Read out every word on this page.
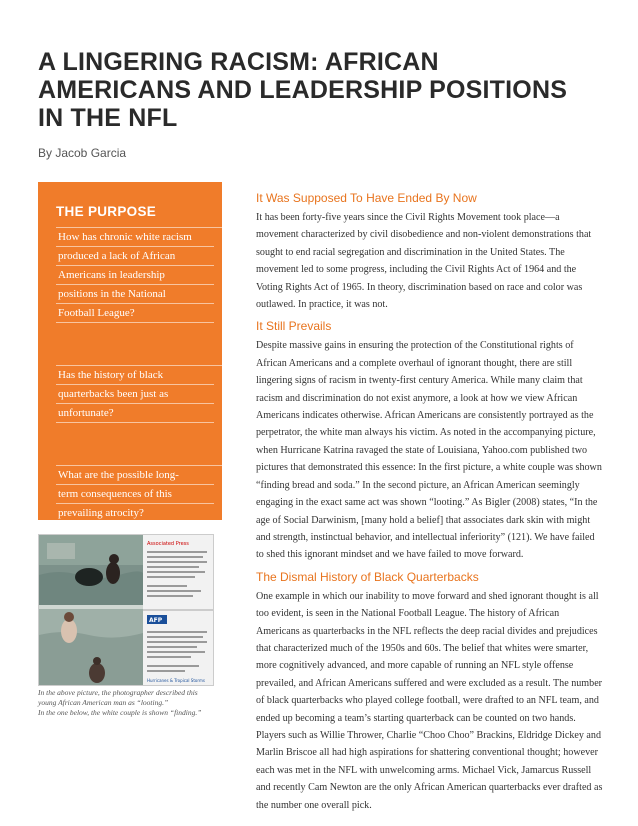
A LINGERING RACISM: AFRICAN AMERICANS AND LEADERSHIP POSITIONS IN THE NFL
By Jacob Garcia
THE PURPOSE
How has chronic white racism
produced a lack of African
Americans in leadership
positions in the National
Football League?
Has the history of black
quarterbacks been just as
unfortunate?
What are the possible long-
term consequences of this
prevailing atrocity?
Associated Press
AFP
Hurricanes & Tropical Storms
In the above picture, the photographer described this
young African American man as “looting.”
In the one below, the white couple is shown “finding.”
It Was Supposed To Have Ended By Now
It has been forty-five years since the Civil Rights Movement took place—a movement characterized by civil disobedience and non-violent demonstrations that sought to end racial segregation and discrimination in the United States. The movement led to some progress, including the Civil Rights Act of 1964 and the Voting Rights Act of 1965. In theory, discrimination based on race and color was outlawed. In practice, it was not.
It Still Prevails
Despite massive gains in ensuring the protection of the Constitutional rights of African Americans and a complete overhaul of ignorant thought, there are still lingering signs of racism in twenty-first century America. While many claim that racism and discrimination do not exist anymore, a look at how we view African Americans indicates otherwise. African Americans are consistently portrayed as the perpetrator, the white man always his victim. As noted in the accompanying picture, when Hurricane Katrina ravaged the state of Louisiana, Yahoo.com published two pictures that demonstrated this essence: In the first picture, a white couple was shown “finding bread and soda.” In the second picture, an African American seemingly engaging in the exact same act was shown “looting.” As Bigler (2008) states, “In the age of Social Darwinism, [many hold a belief] that associates dark skin with might and strength, instinctual behavior, and intellectual inferiority” (121). We have failed to shed this ignorant mindset and we have failed to move forward.
The Dismal History of Black Quarterbacks
One example in which our inability to move forward and shed ignorant thought is all too evident, is seen in the National Football League. The history of African Americans as quarterbacks in the NFL reflects the deep racial divides and prejudices that characterized much of the 1950s and 60s. The belief that whites were smarter, more cognitively advanced, and more capable of running an NFL style offense prevailed, and African Americans suffered and were excluded as a result. The number of black quarterbacks who played college football, were drafted to an NFL team, and ended up becoming a team’s starting quarterback can be counted on two hands. Players such as Willie Thrower, Charlie “Choo Choo” Brackins, Eldridge Dickey and Marlin Briscoe all had high aspirations for shattering conventional thought; however each was met in the NFL with unwelcoming arms. Michael Vick, Jamarcus Russell and recently Cam Newton are the only African American quarterbacks ever drafted as the number one overall pick.
